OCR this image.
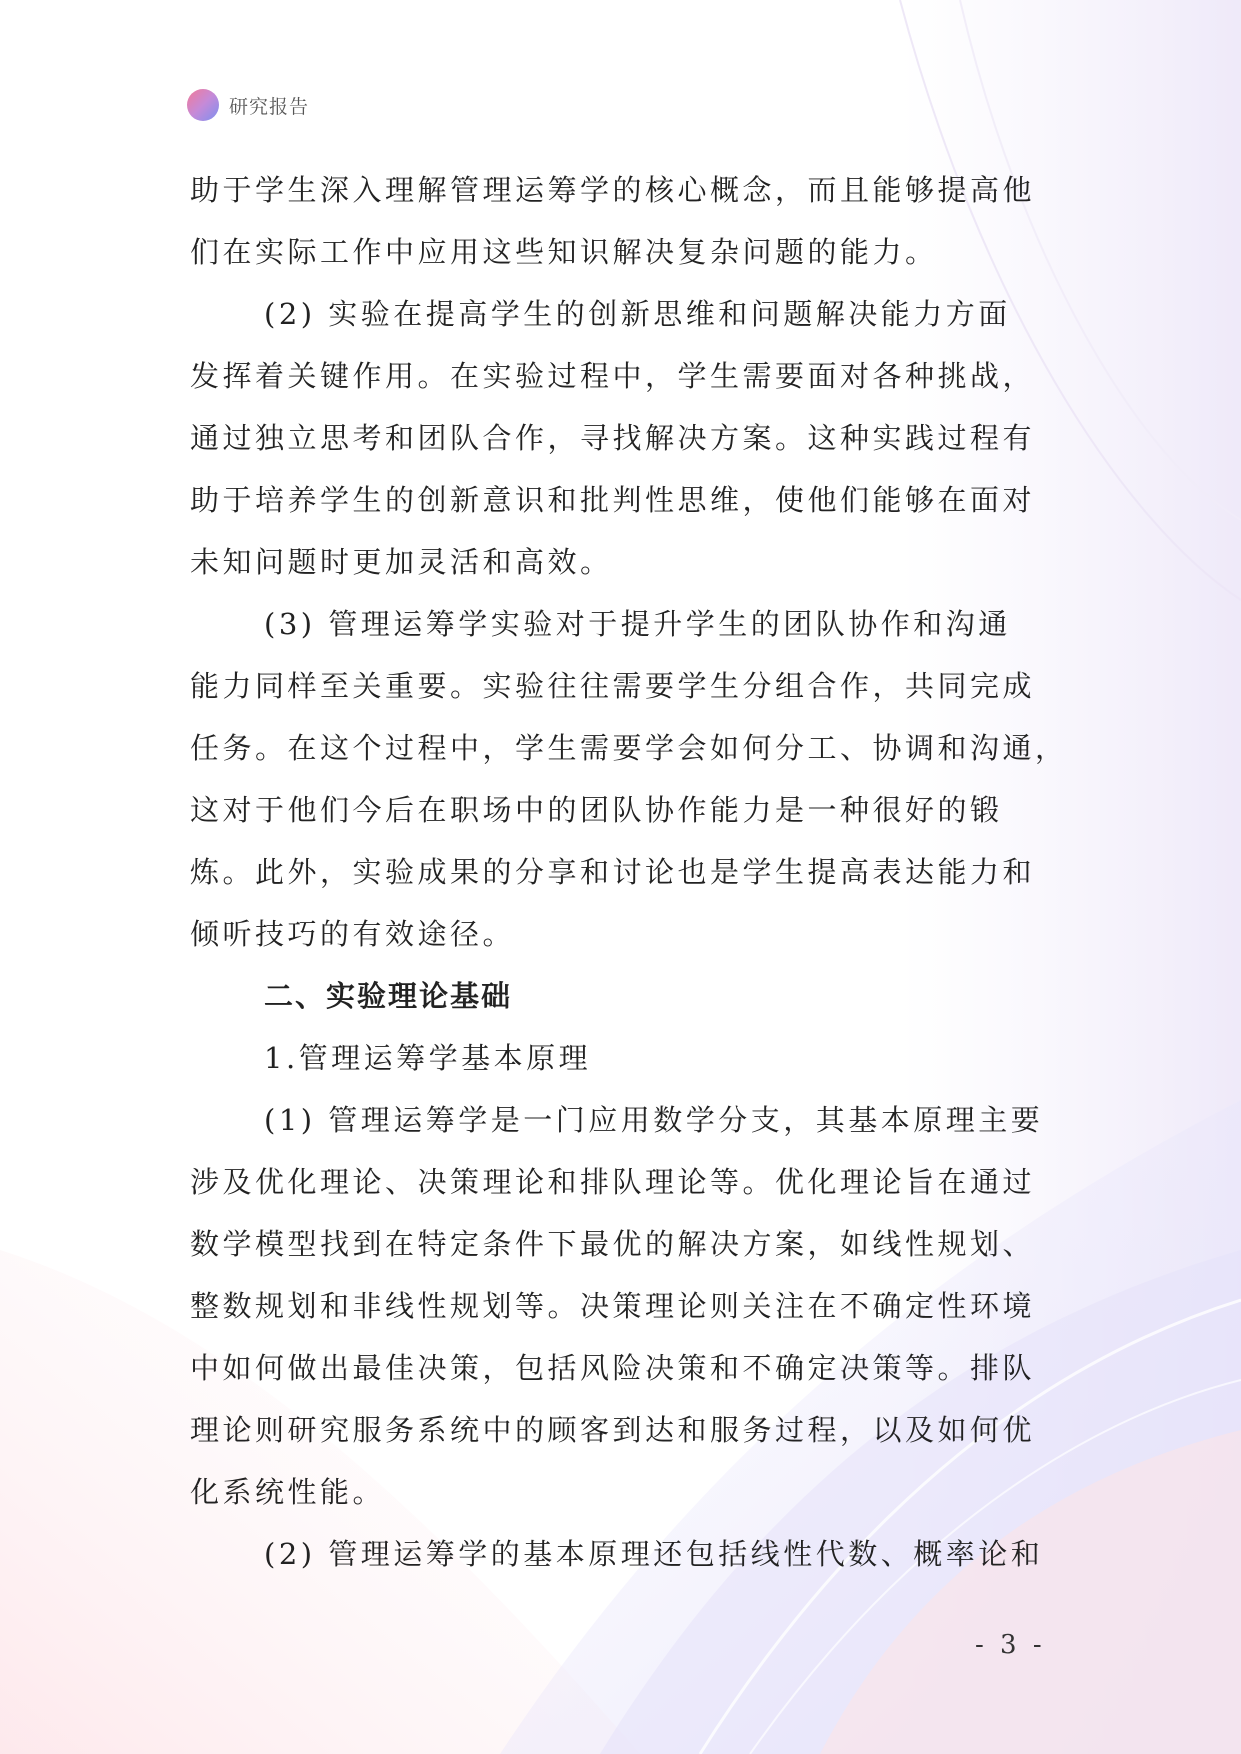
研究报告
助于学生深入理解管理运筹学的核心概念，而且能够提高他
们在实际工作中应用这些知识解决复杂问题的能力。
(2) 实验在提高学生的创新思维和问题解决能力方面
发挥着关键作用。在实验过程中，学生需要面对各种挑战，
通过独立思考和团队合作，寻找解决方案。这种实践过程有
助于培养学生的创新意识和批判性思维，使他们能够在面对
未知问题时更加灵活和高效。
(3) 管理运筹学实验对于提升学生的团队协作和沟通
能力同样至关重要。实验往往需要学生分组合作，共同完成
任务。在这个过程中，学生需要学会如何分工、协调和沟通，
这对于他们今后在职场中的团队协作能力是一种很好的锻
炼。此外，实验成果的分享和讨论也是学生提高表达能力和
倾听技巧的有效途径。
二、实验理论基础
1.管理运筹学基本原理
(1) 管理运筹学是一门应用数学分支，其基本原理主要
涉及优化理论、决策理论和排队理论等。优化理论旨在通过
数学模型找到在特定条件下最优的解决方案，如线性规划、
整数规划和非线性规划等。决策理论则关注在不确定性环境
中如何做出最佳决策，包括风险决策和不确定决策等。排队
理论则研究服务系统中的顾客到达和服务过程，以及如何优
化系统性能。
(2) 管理运筹学的基本原理还包括线性代数、概率论和
- 3 -
